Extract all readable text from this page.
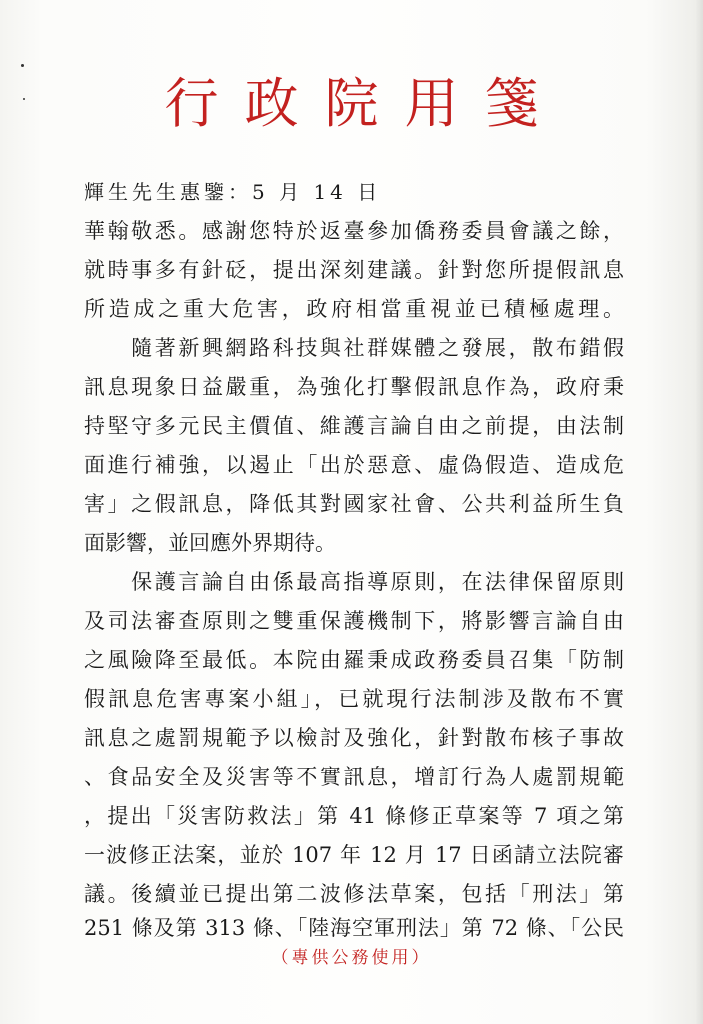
行政院用箋
輝生先生惠鑒：5 月 14 日
華翰敬悉。感謝您特於返臺參加僑務委員會議之餘，
就時事多有針砭，提出深刻建議。針對您所提假訊息
所造成之重大危害，政府相當重視並已積極處理。
　　隨著新興網路科技與社群媒體之發展，散布錯假
訊息現象日益嚴重，為強化打擊假訊息作為，政府秉
持堅守多元民主價值、維護言論自由之前提，由法制
面進行補強，以遏止「出於惡意、虛偽假造、造成危
害」之假訊息，降低其對國家社會、公共利益所生負
面影響，並回應外界期待。
　　保護言論自由係最高指導原則，在法律保留原則
及司法審查原則之雙重保護機制下，將影響言論自由
之風險降至最低。本院由羅秉成政務委員召集「防制
假訊息危害專案小組」，已就現行法制涉及散布不實
訊息之處罰規範予以檢討及強化，針對散布核子事故
、食品安全及災害等不實訊息，增訂行為人處罰規範
，提出「災害防救法」第 41 條修正草案等 7 項之第
一波修正法案，並於 107 年 12 月 17 日函請立法院審
議。後續並已提出第二波修法草案，包括「刑法」第
251 條及第 313 條、「陸海空軍刑法」第 72 條、「公民
（專供公務使用）
